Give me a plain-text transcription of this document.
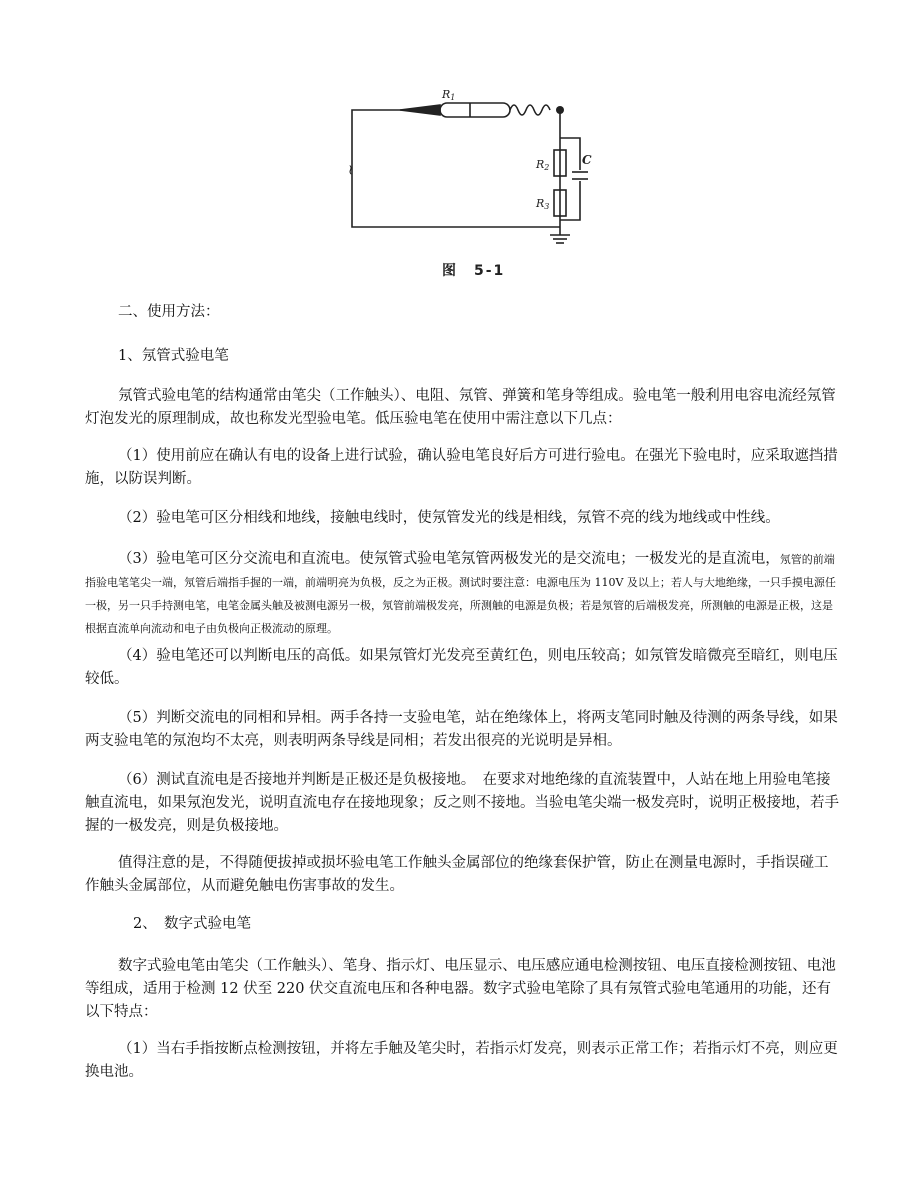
R1
R2
R3
C
~
图　5-1
二、使用方法：
1、氖管式验电笔
氖管式验电笔的结构通常由笔尖（工作触头）、电阻、氖管、弹簧和笔身等组成。验电笔一般利用电容电流经氖管灯泡发光的原理制成，故也称发光型验电笔。低压验电笔在使用中需注意以下几点：
（1）使用前应在确认有电的设备上进行试验，确认验电笔良好后方可进行验电。在强光下验电时，应采取遮挡措施，以防误判断。
（2）验电笔可区分相线和地线，接触电线时，使氖管发光的线是相线，氖管不亮的线为地线或中性线。
（3）验电笔可区分交流电和直流电。使氖管式验电笔氖管两极发光的是交流电；一极发光的是直流电，氖管的前端指验电笔笔尖一端，氖管后端指手握的一端，前端明亮为负极，反之为正极。测试时要注意：电源电压为 110V 及以上；若人与大地绝缘，一只手摸电源任一极，另一只手持测电笔，电笔金属头触及被测电源另一极，氖管前端极发亮，所测触的电源是负极；若是氖管的后端极发亮，所测触的电源是正极，这是根据直流单向流动和电子由负极向正极流动的原理。
（4）验电笔还可以判断电压的高低。如果氖管灯光发亮至黄红色，则电压较高；如氖管发暗微亮至暗红，则电压较低。
（5）判断交流电的同相和异相。两手各持一支验电笔，站在绝缘体上，将两支笔同时触及待测的两条导线，如果两支验电笔的氖泡均不太亮，则表明两条导线是同相；若发出很亮的光说明是异相。
（6）测试直流电是否接地并判断是正极还是负极接地。　在要求对地绝缘的直流装置中，人站在地上用验电笔接触直流电，如果氖泡发光，说明直流电存在接地现象；反之则不接地。当验电笔尖端一极发亮时，说明正极接地，若手握的一极发亮，则是负极接地。
值得注意的是，不得随便拔掉或损坏验电笔工作触头金属部位的绝缘套保护管，防止在测量电源时，手指误碰工作触头金属部位，从而避免触电伤害事故的发生。
2、　数字式验电笔
数字式验电笔由笔尖（工作触头）、笔身、指示灯、电压显示、电压感应通电检测按钮、电压直接检测按钮、电池等组成，适用于检测 12 伏至 220 伏交直流电压和各种电器。数字式验电笔除了具有氖管式验电笔通用的功能，还有以下特点：
（1）当右手指按断点检测按钮，并将左手触及笔尖时，若指示灯发亮，则表示正常工作；若指示灯不亮，则应更换电池。
